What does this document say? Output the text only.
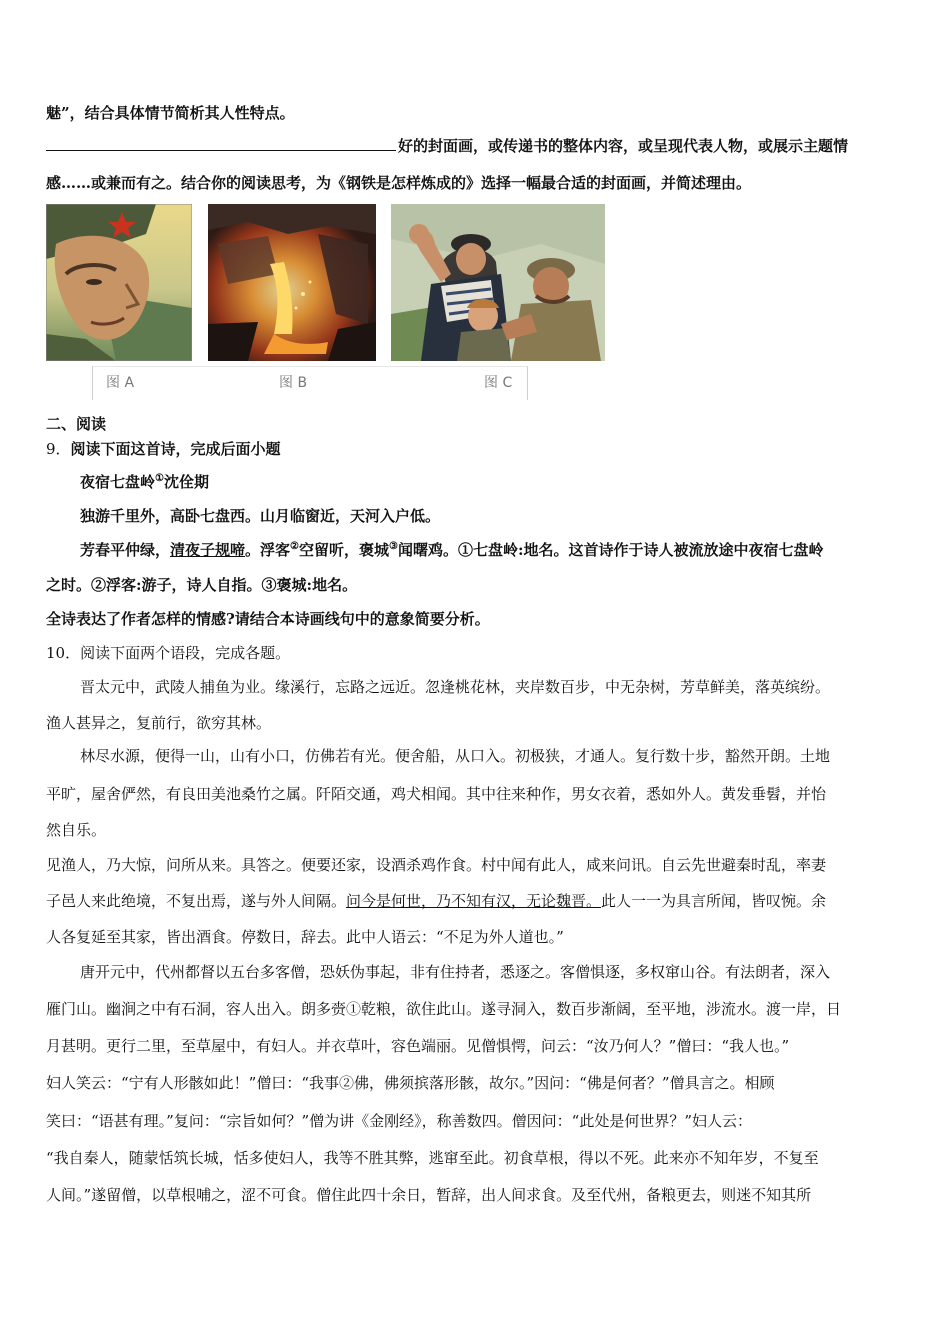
魅”，结合具体情节简析其人性特点。
好的封面画，或传递书的整体内容，或呈现代表人物，或展示主题情
感……或兼而有之。结合你的阅读思考，为《钢铁是怎样炼成的》选择一幅最合适的封面画，并简述理由。
图 A	图 B	图 C
二、阅读
9．阅读下面这首诗，完成后面小题
夜宿七盘岭①沈佺期
独游千里外，高卧七盘西。山月临窗近，天河入户低。
芳春平仲绿，清夜子规啼。浮客②空留听，褒城③闻曙鸡。①七盘岭:地名。这首诗作于诗人被流放途中夜宿七盘岭
之时。②浮客:游子，诗人自指。③褒城:地名。
全诗表达了作者怎样的情感?请结合本诗画线句中的意象简要分析。
10．阅读下面两个语段，完成各题。
晋太元中，武陵人捕鱼为业。缘溪行，忘路之远近。忽逢桃花林，夹岸数百步，中无杂树，芳草鲜美，落英缤纷。
渔人甚异之，复前行，欲穷其林。
林尽水源，便得一山，山有小口，仿佛若有光。便舍船，从口入。初极狭，才通人。复行数十步，豁然开朗。土地
平旷，屋舍俨然，有良田美池桑竹之属。阡陌交通，鸡犬相闻。其中往来种作，男女衣着，悉如外人。黄发垂髫，并怡
然自乐。
见渔人，乃大惊，问所从来。具答之。便要还家，设酒杀鸡作食。村中闻有此人，咸来问讯。自云先世避秦时乱，率妻
子邑人来此绝境，不复出焉，遂与外人间隔。问今是何世，乃不知有汉，无论魏晋。此人一一为具言所闻，皆叹惋。余
人各复延至其家，皆出酒食。停数日，辞去。此中人语云：“不足为外人道也。”
唐开元中，代州都督以五台多客僧，恐妖伪事起，非有住持者，悉逐之。客僧惧逐，多权窜山谷。有法朗者，深入
雁门山。幽涧之中有石洞，容人出入。朗多赍①乾粮，欲住此山。遂寻洞入，数百步渐阔，至平地，涉流水。渡一岸，日
月甚明。更行二里，至草屋中，有妇人。并衣草叶，容色端丽。见僧惧愕，问云：“汝乃何人？”僧曰：“我人也。”
妇人笑云：“宁有人形骸如此！”僧曰：“我事②佛，佛须摈落形骸，故尔。”因问：“佛是何者？”僧具言之。相顾
笑曰：“语甚有理。”复问：“宗旨如何？”僧为讲《金刚经》，称善数四。僧因问：“此处是何世界？”妇人云：
“我自秦人，随蒙恬筑长城，恬多使妇人，我等不胜其弊，逃窜至此。初食草根，得以不死。此来亦不知年岁，不复至
人间。”遂留僧，以草根哺之，涩不可食。僧住此四十余日，暂辞，出人间求食。及至代州，备粮更去，则迷不知其所
